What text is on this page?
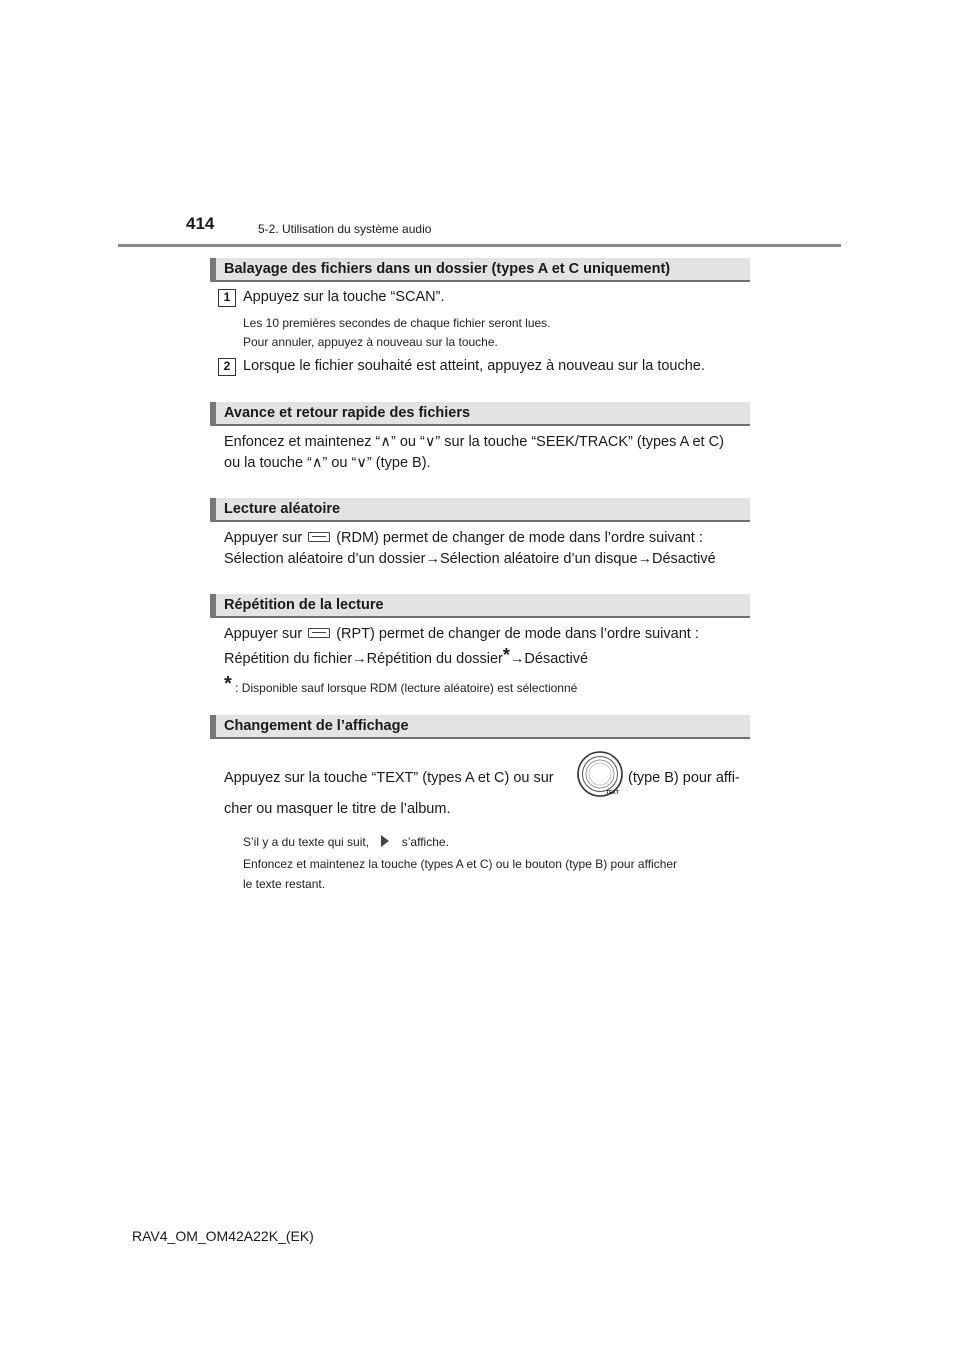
414	5-2. Utilisation du système audio
Balayage des fichiers dans un dossier (types A et C uniquement)
1 Appuyez sur la touche “SCAN”.
Les 10 premières secondes de chaque fichier seront lues.
Pour annuler, appuyez à nouveau sur la touche.
2 Lorsque le fichier souhaité est atteint, appuyez à nouveau sur la touche.
Avance et retour rapide des fichiers
Enfoncez et maintenez “∧” ou “∨” sur la touche “SEEK/TRACK” (types A et C)
ou la touche “∧” ou “∨” (type B).
Lecture aléatoire
Appuyer sur (RDM) permet de changer de mode dans l’ordre suivant :
Sélection aléatoire d’un dossier→Sélection aléatoire d’un disque→Désactivé
Répétition de la lecture
Appuyer sur (RPT) permet de changer de mode dans l’ordre suivant :
Répétition du fichier→Répétition du dossier*→Désactivé
* : Disponible sauf lorsque RDM (lecture aléatoire) est sélectionné
Changement de l’affichage
Appuyez sur la touche “TEXT” (types A et C) ou sur
TEXT
(type B) pour affi-
cher ou masquer le titre de l’album.
S’il y a du texte qui suit,	s’affiche.
Enfoncez et maintenez la touche (types A et C) ou le bouton (type B) pour afficher
le texte restant.
RAV4_OM_OM42A22K_(EK)
